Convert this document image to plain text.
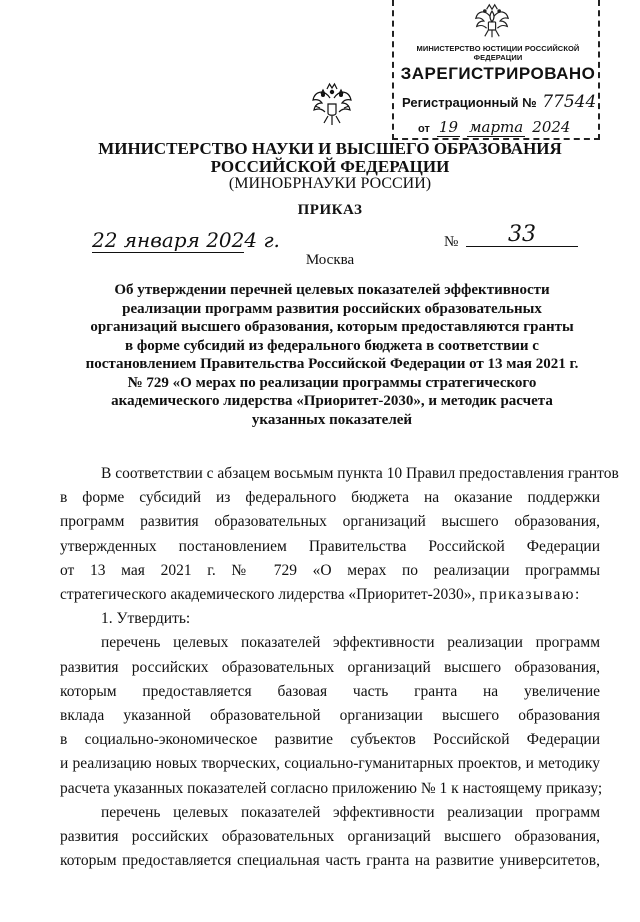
МИНИСТЕРСТВО ЮСТИЦИИ РОССИЙСКОЙ ФЕДЕРАЦИИ
ЗАРЕГИСТРИРОВАНО
Регистрационный № 77544
от 19 марта 2024
МИНИСТЕРСТВО НАУКИ И ВЫСШЕГО ОБРАЗОВАНИЯ
РОССИЙСКОЙ ФЕДЕРАЦИИ
(МИНОБРНАУКИ РОССИИ)
ПРИКАЗ
22 января 2024 г.	№	33
Москва
Об утверждении перечней целевых показателей эффективности
реализации программ развития российских образовательных
организаций высшего образования, которым предоставляются гранты
в форме субсидий из федерального бюджета в соответствии с
постановлением Правительства Российской Федерации от 13 мая 2021 г.
№ 729 «О мерах по реализации программы стратегического
академического лидерства «Приоритет-2030», и методик расчета
указанных показателей
В соответствии с абзацем восьмым пункта 10 Правил предоставления грантов
в форме субсидий из федерального бюджета на оказание поддержки
программ развития образовательных организаций высшего образования,
утвержденных постановлением Правительства Российской Федерации
от 13 мая 2021 г. № 729 «О мерах по реализации программы
стратегического академического лидерства «Приоритет-2030», приказываю:
1. Утвердить:
перечень целевых показателей эффективности реализации программ
развития российских образовательных организаций высшего образования,
которым предоставляется базовая часть гранта на увеличение
вклада указанной образовательной организации высшего образования
в социально-экономическое развитие субъектов Российской Федерации
и реализацию новых творческих, социально-гуманитарных проектов, и методику
расчета указанных показателей согласно приложению № 1 к настоящему приказу;
перечень целевых показателей эффективности реализации программ
развития российских образовательных организаций высшего образования,
которым предоставляется специальная часть гранта на развитие университетов,
